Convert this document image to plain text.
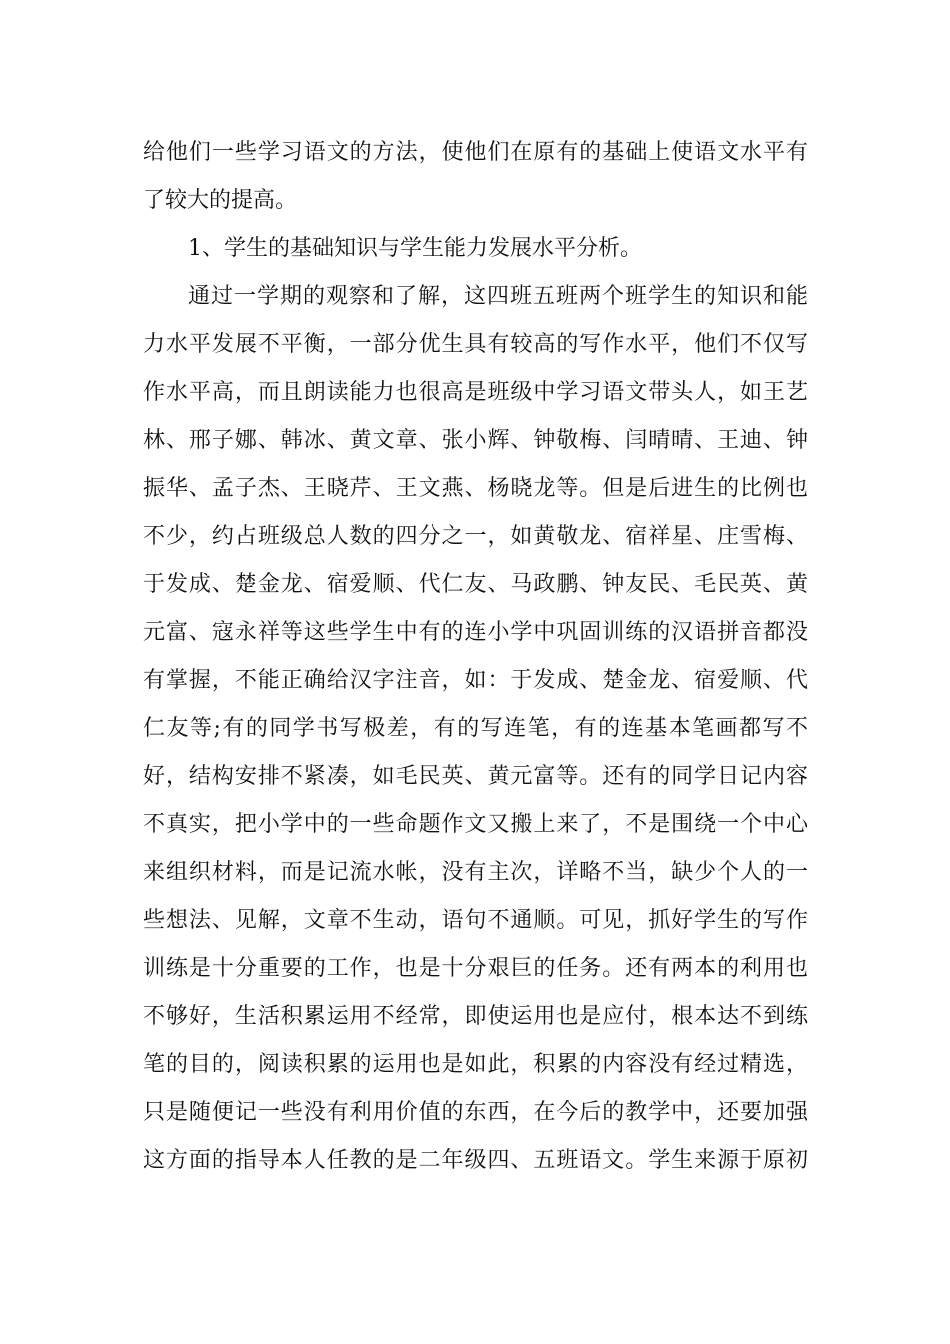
给他们一些学习语文的方法，使他们在原有的基础上使语文水平有
了较大的提高。
1、学生的基础知识与学生能力发展水平分析。
通过一学期的观察和了解，这四班五班两个班学生的知识和能
力水平发展不平衡，一部分优生具有较高的写作水平，他们不仅写
作水平高，而且朗读能力也很高是班级中学习语文带头人，如王艺
林、邢子娜、韩冰、黄文章、张小辉、钟敬梅、闫晴晴、王迪、钟
振华、孟子杰、王晓芹、王文燕、杨晓龙等。但是后进生的比例也
不少，约占班级总人数的四分之一，如黄敬龙、宿祥星、庄雪梅、
于发成、楚金龙、宿爱顺、代仁友、马政鹏、钟友民、毛民英、黄
元富、寇永祥等这些学生中有的连小学中巩固训练的汉语拼音都没
有掌握，不能正确给汉字注音，如：于发成、楚金龙、宿爱顺、代
仁友等;有的同学书写极差，有的写连笔，有的连基本笔画都写不
好，结构安排不紧凑，如毛民英、黄元富等。还有的同学日记内容
不真实，把小学中的一些命题作文又搬上来了，不是围绕一个中心
来组织材料，而是记流水帐，没有主次，详略不当，缺少个人的一
些想法、见解，文章不生动，语句不通顺。可见，抓好学生的写作
训练是十分重要的工作，也是十分艰巨的任务。还有两本的利用也
不够好，生活积累运用不经常，即使运用也是应付，根本达不到练
笔的目的，阅读积累的运用也是如此，积累的内容没有经过精选，
只是随便记一些没有利用价值的东西，在今后的教学中，还要加强
这方面的指导本人任教的是二年级四、五班语文。学生来源于原初
